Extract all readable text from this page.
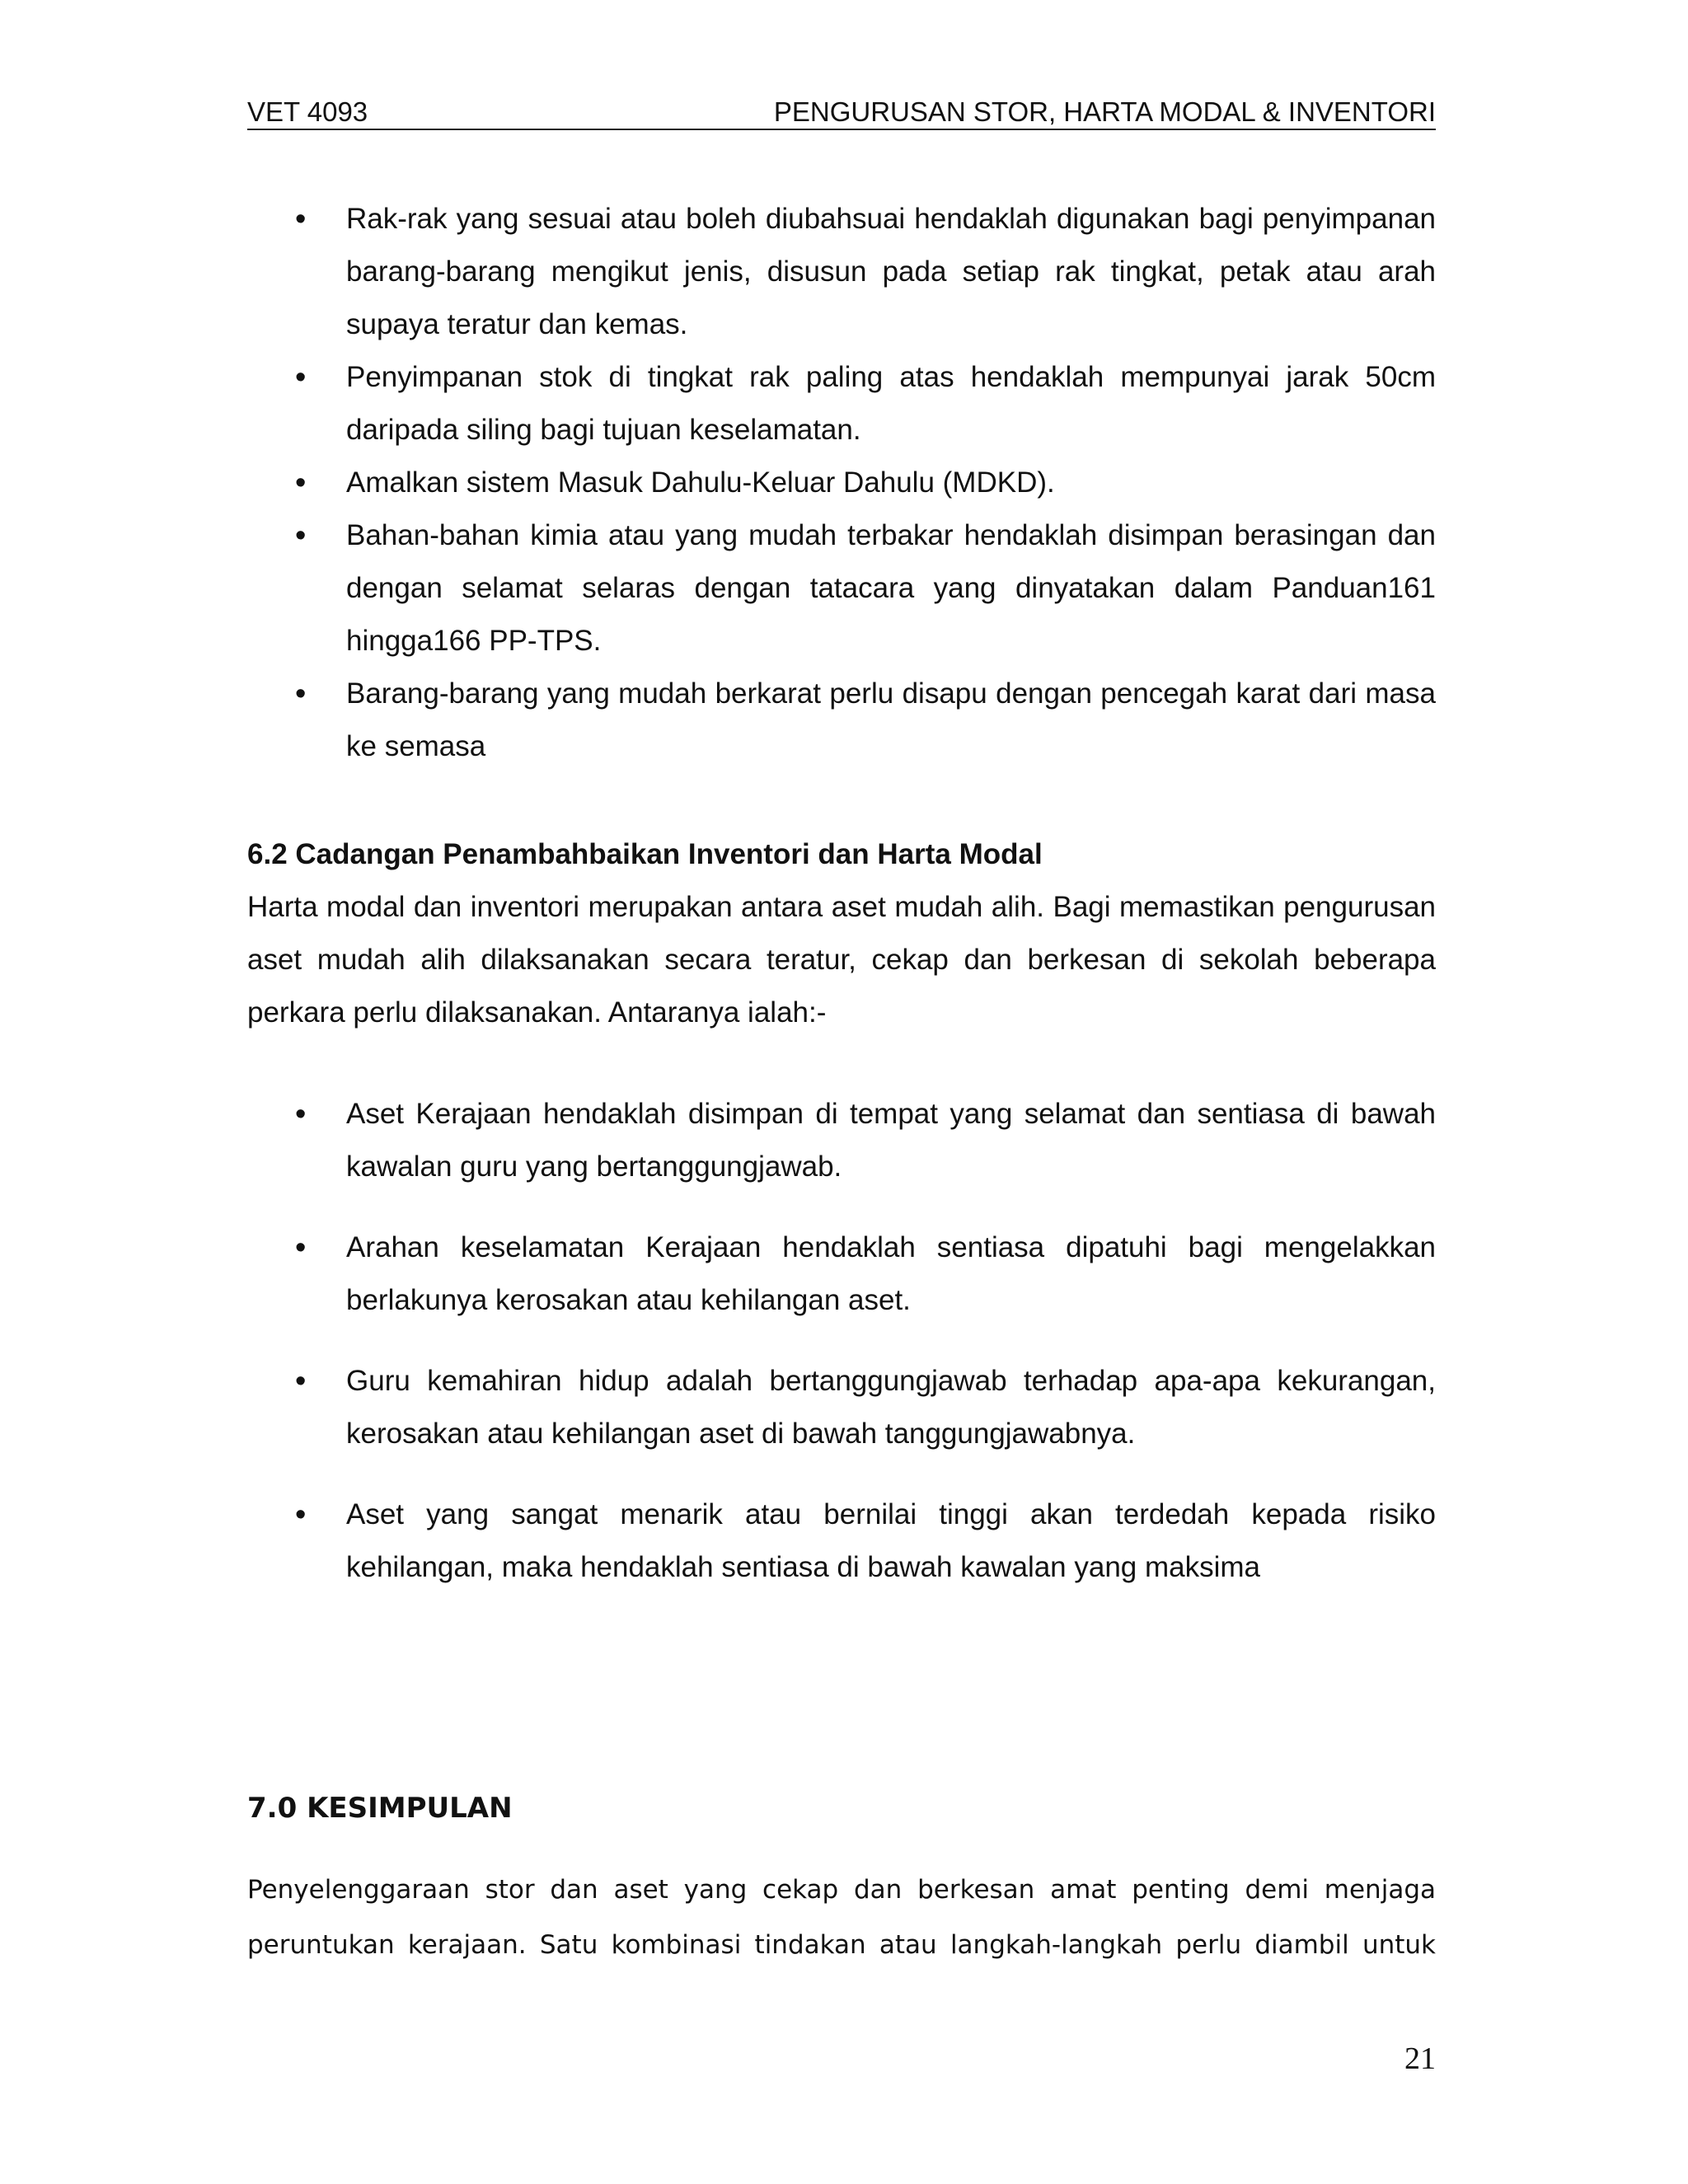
VET 4093	PENGURUSAN STOR, HARTA MODAL & INVENTORI
• Rak-rak yang sesuai atau boleh diubahsuai hendaklah digunakan bagi penyimpanan barang-barang mengikut jenis, disusun pada setiap rak tingkat, petak atau arah supaya teratur dan kemas.
• Penyimpanan stok di tingkat rak paling atas hendaklah mempunyai jarak 50cm daripada siling bagi tujuan keselamatan.
• Amalkan sistem Masuk Dahulu-Keluar Dahulu (MDKD).
• Bahan-bahan kimia atau yang mudah terbakar hendaklah disimpan berasingan dan dengan selamat selaras dengan tatacara yang dinyatakan dalam Panduan161 hingga166 PP-TPS.
• Barang-barang yang mudah berkarat perlu disapu dengan pencegah karat dari masa ke semasa
6.2 Cadangan Penambahbaikan Inventori dan Harta Modal

Harta modal dan inventori merupakan antara aset mudah alih. Bagi memastikan pengurusan aset mudah alih dilaksanakan secara teratur, cekap dan berkesan di sekolah beberapa perkara perlu dilaksanakan. Antaranya ialah:-

• Aset Kerajaan hendaklah disimpan di tempat yang selamat dan sentiasa di bawah kawalan guru yang bertanggungjawab.
• Arahan keselamatan Kerajaan hendaklah sentiasa dipatuhi bagi mengelakkan berlakunya kerosakan atau kehilangan aset.
• Guru kemahiran hidup adalah bertanggungjawab terhadap apa-apa kekurangan, kerosakan atau kehilangan aset di bawah tanggungjawabnya.
• Aset yang sangat menarik atau bernilai tinggi akan terdedah kepada risiko kehilangan, maka hendaklah sentiasa di bawah kawalan yang maksima
7.0 KESIMPULAN

Penyelenggaraan stor dan aset yang cekap dan berkesan amat penting demi menjaga

peruntukan kerajaan. Satu kombinasi tindakan atau langkah-langkah perlu diambil untuk

21
